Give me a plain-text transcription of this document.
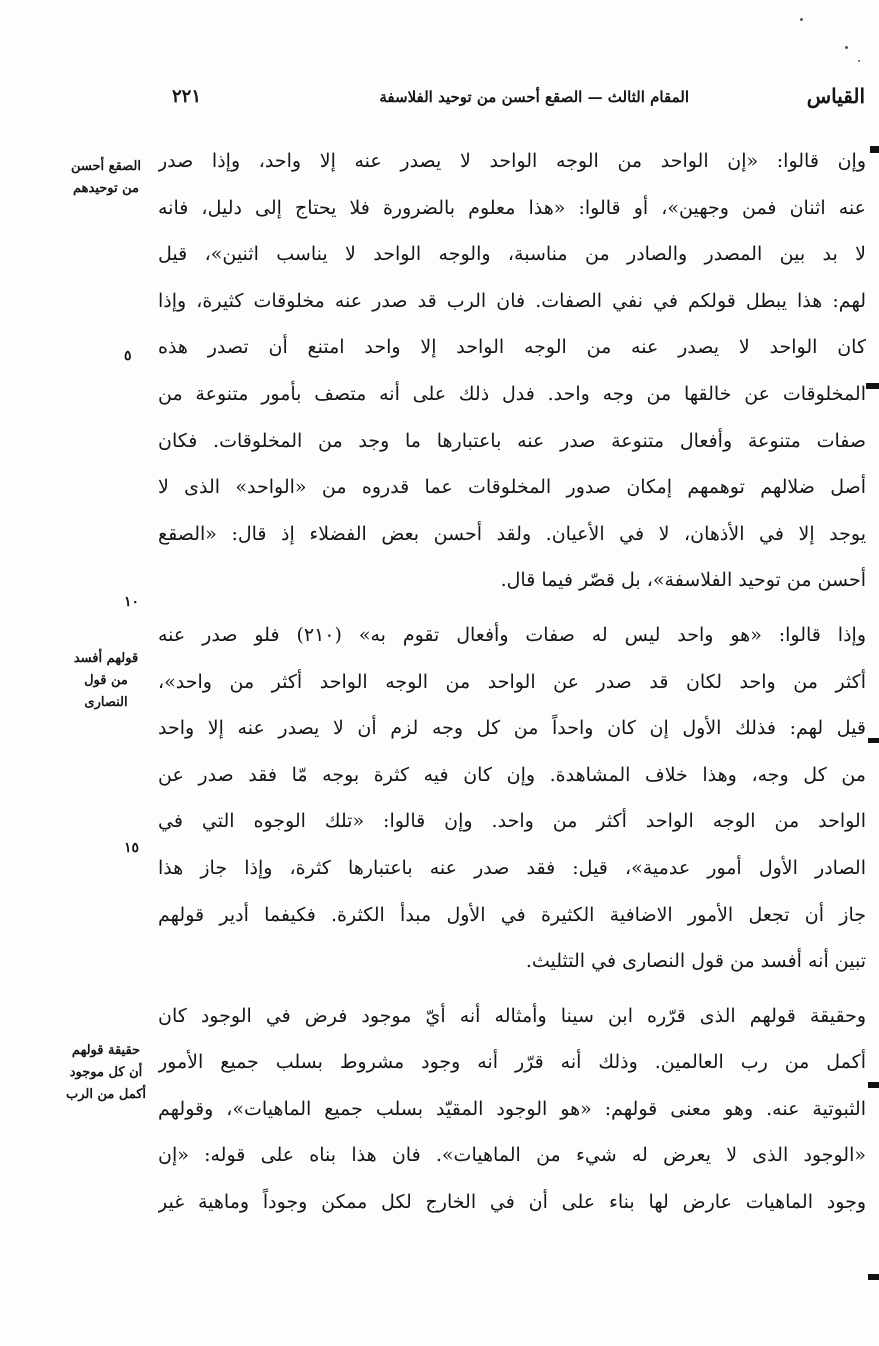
القياس
المقام الثالث — الصقع أحسن من توحيد الفلاسفة
٢٢١
وإن قالوا: «إن الواحد من الوجه الواحد لا يصدر عنه إلا واحد، وإذا صدر
عنه اثنان فمن وجهين»، أو قالوا: «هذا معلوم بالضرورة فلا يحتاج إلى دليل، فانه
لا بد بين المصدر والصادر من مناسبة، والوجه الواحد لا يناسب اثنين»، قيل
لهم: هذا يبطل قولكم في نفي الصفات. فان الرب قد صدر عنه مخلوقات كثيرة، وإذا
كان الواحد لا يصدر عنه من الوجه الواحد إلا واحد امتنع أن تصدر هذه
المخلوقات عن خالقها من وجه واحد. فدل ذلك على أنه متصف بأمور متنوعة من
صفات متنوعة وأفعال متنوعة صدر عنه باعتبارها ما وجد من المخلوقات. فكان
أصل ضلالهم توهمهم إمكان صدور المخلوقات عما قدروه من «الواحد» الذى لا
يوجد إلا في الأذهان، لا في الأعيان. ولقد أحسن بعض الفضلاء إذ قال: «الصقع
أحسن من توحيد الفلاسفة»، بل قصّر فيما قال.
وإذا قالوا: «هو واحد ليس له صفات وأفعال تقوم به» (٢١٠) فلو صدر عنه
أكثر من واحد لكان قد صدر عن الواحد من الوجه الواحد أكثر من واحد»،
قيل لهم: فذلك الأول إن كان واحداً من كل وجه لزم أن لا يصدر عنه إلا واحد
من كل وجه، وهذا خلاف المشاهدة. وإن كان فيه كثرة بوجه مّا فقد صدر عن
الواحد من الوجه الواحد أكثر من واحد. وإن قالوا: «تلك الوجوه التي في
الصادر الأول أمور عدمية»، قيل: فقد صدر عنه باعتبارها كثرة، وإذا جاز هذا
جاز أن تجعل الأمور الاضافية الكثيرة في الأول مبدأ الكثرة. فكيفما أدير قولهم
تبين أنه أفسد من قول النصارى في التثليث.
وحقيقة قولهم الذى قرّره ابن سينا وأمثاله أنه أيّ موجود فرض في الوجود كان
أكمل من رب العالمين. وذلك أنه قرّر أنه وجود مشروط بسلب جميع الأمور
الثبوتية عنه. وهو معنى قولهم: «هو الوجود المقيّد بسلب جميع الماهيات»، وقولهم
«الوجود الذى لا يعرض له شيء من الماهيات». فان هذا بناه على قوله: «إن
وجود الماهيات عارض لها بناء على أن في الخارج لكل ممكن وجوداً وماهية غير
الصقع أحسن من توحيدهم
قولهم أفسد من قول النصارى
حقيقة قولهم أن كل موجود أكمل من الرب
٥
١٠
١٥
